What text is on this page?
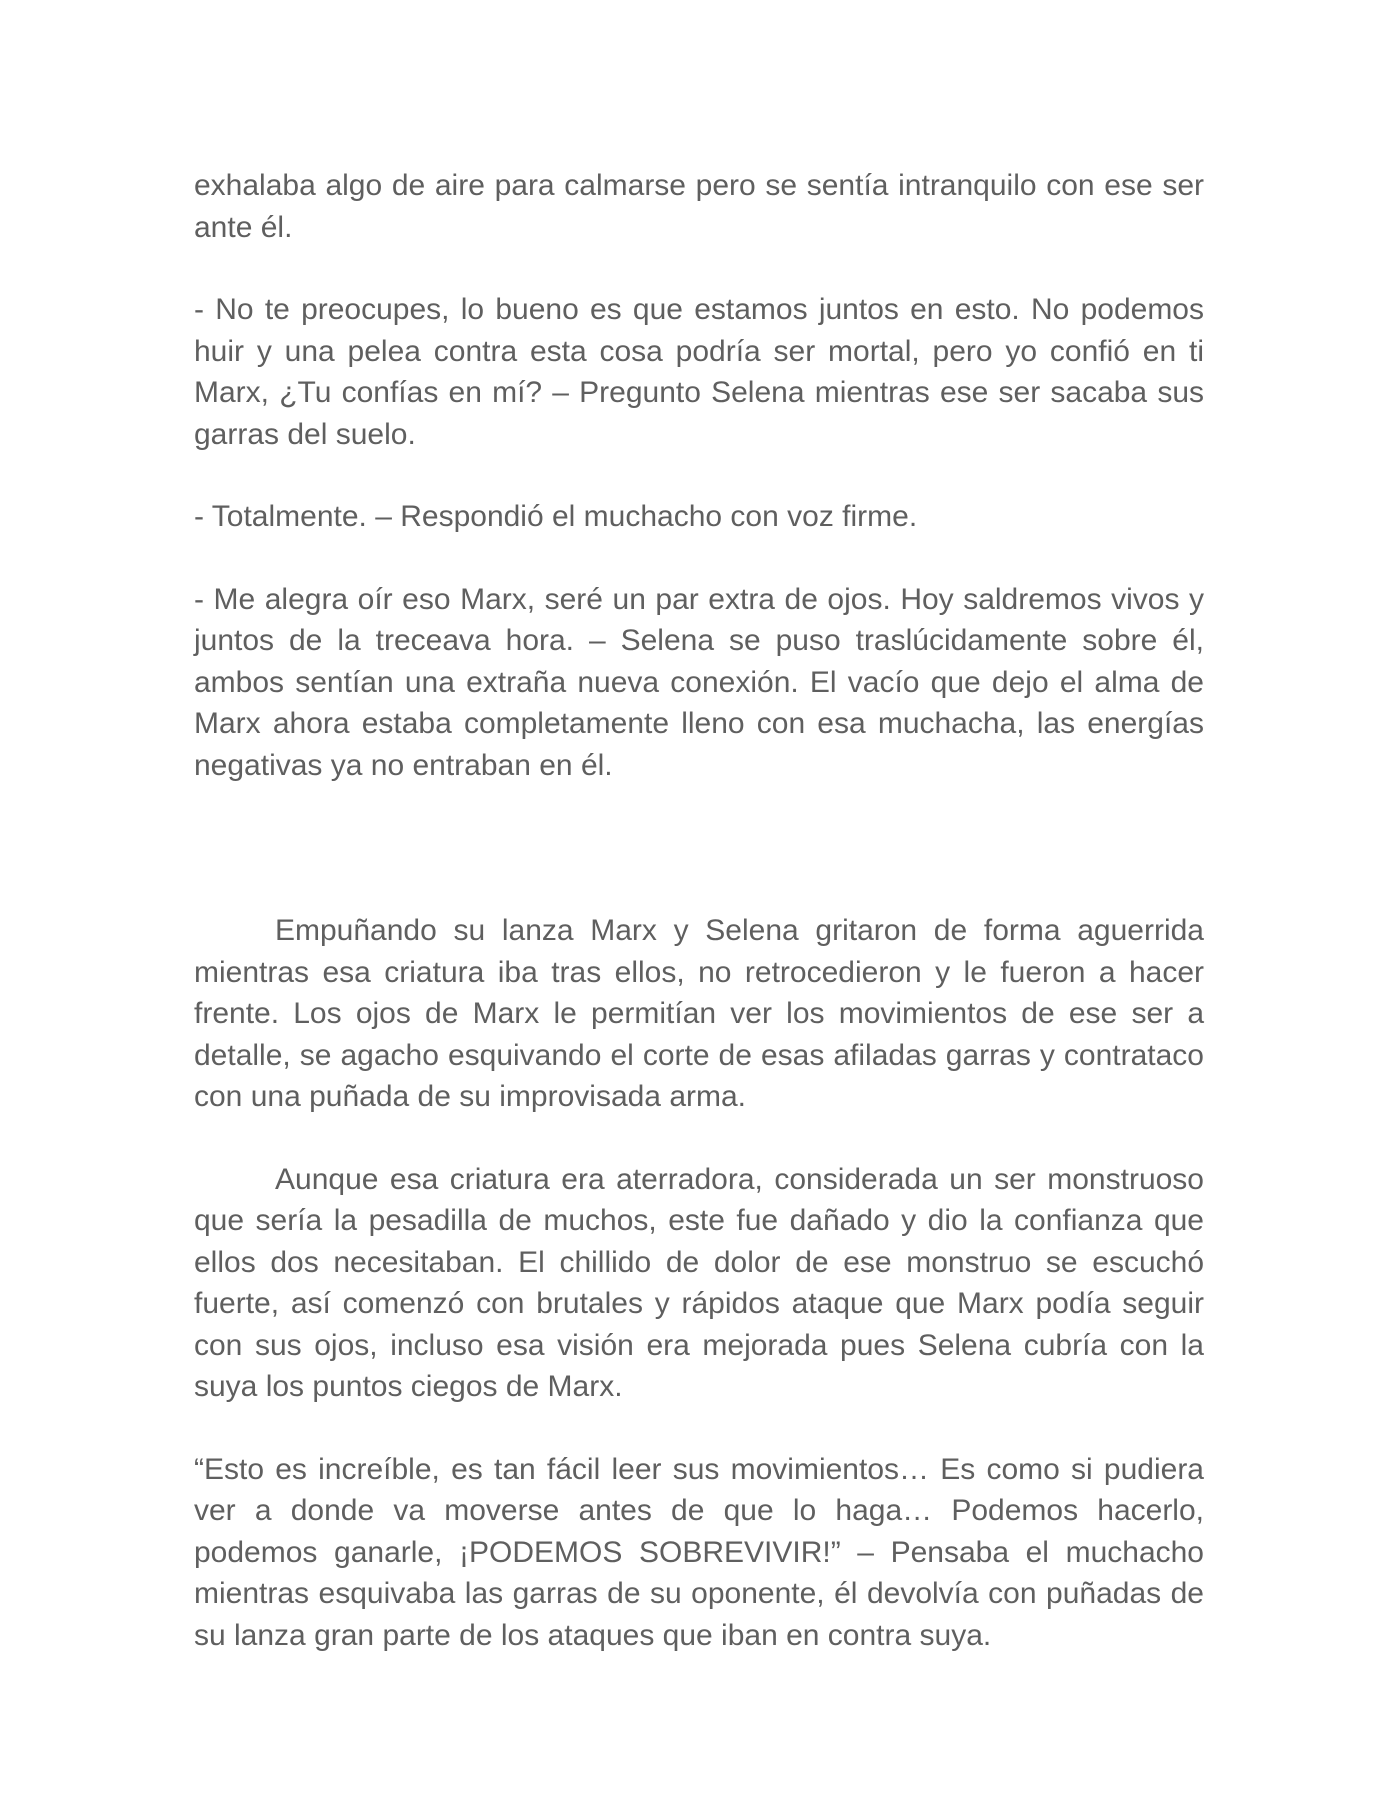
exhalaba algo de aire para calmarse pero se sentía intranquilo con ese ser ante él.

- No te preocupes, lo bueno es que estamos juntos en esto. No podemos huir y una pelea contra esta cosa podría ser mortal, pero yo confió en ti Marx, ¿Tu confías en mí? – Pregunto Selena mientras ese ser sacaba sus garras del suelo.

- Totalmente. – Respondió el muchacho con voz firme.

- Me alegra oír eso Marx, seré un par extra de ojos. Hoy saldremos vivos y juntos de la treceava hora. – Selena se puso traslúcidamente sobre él, ambos sentían una extraña nueva conexión. El vacío que dejo el alma de Marx ahora estaba completamente lleno con esa muchacha, las energías negativas ya no entraban en él.

Empuñando su lanza Marx y Selena gritaron de forma aguerrida mientras esa criatura iba tras ellos, no retrocedieron y le fueron a hacer frente. Los ojos de Marx le permitían ver los movimientos de ese ser a detalle, se agacho esquivando el corte de esas afiladas garras y contrataco con una puñada de su improvisada arma.

Aunque esa criatura era aterradora, considerada un ser monstruoso que sería la pesadilla de muchos, este fue dañado y dio la confianza que ellos dos necesitaban. El chillido de dolor de ese monstruo se escuchó fuerte, así comenzó con brutales y rápidos ataque que Marx podía seguir con sus ojos, incluso esa visión era mejorada pues Selena cubría con la suya los puntos ciegos de Marx.

“Esto es increíble, es tan fácil leer sus movimientos… Es como si pudiera ver a donde va moverse antes de que lo haga… Podemos hacerlo, podemos ganarle, ¡PODEMOS SOBREVIVIR!” – Pensaba el muchacho mientras esquivaba las garras de su oponente, él devolvía con puñadas de su lanza gran parte de los ataques que iban en contra suya.
